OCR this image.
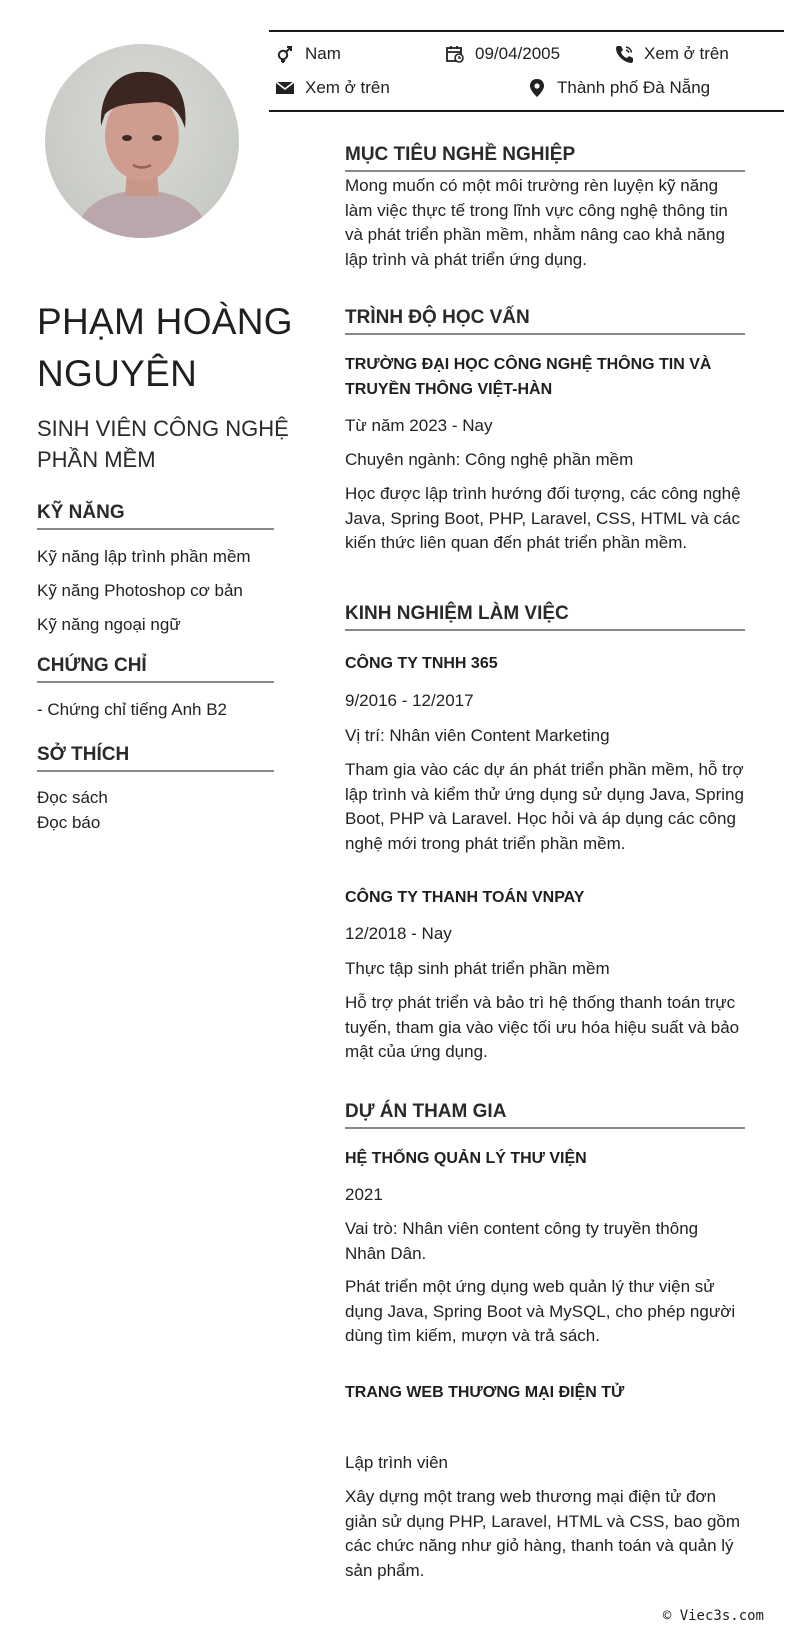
Nam	09/04/2005	Xem ở trên
Xem ở trên	Thành phố Đà Nẵng
PHẠM HOÀNG
NGUYÊN
SINH VIÊN CÔNG NGHỆ
PHẦN MỀM
KỸ NĂNG
Kỹ năng lập trình phần mềm
Kỹ năng Photoshop cơ bản
Kỹ năng ngoại ngữ
CHỨNG CHỈ
- Chứng chỉ tiếng Anh B2
SỞ THÍCH
Đọc sách
Đọc báo
MỤC TIÊU NGHỀ NGHIỆP
Mong muốn có một môi trường rèn luyện kỹ năng
làm việc thực tế trong lĩnh vực công nghệ thông tin
và phát triển phần mềm, nhằm nâng cao khả năng
lập trình và phát triển ứng dụng.
TRÌNH ĐỘ HỌC VẤN
TRƯỜNG ĐẠI HỌC CÔNG NGHỆ THÔNG TIN VÀ
TRUYỀN THÔNG VIỆT-HÀN
Từ năm 2023 - Nay
Chuyên ngành: Công nghệ phần mềm
Học được lập trình hướng đối tượng, các công nghệ
Java, Spring Boot, PHP, Laravel, CSS, HTML và các
kiến thức liên quan đến phát triển phần mềm.
KINH NGHIỆM LÀM VIỆC
CÔNG TY TNHH 365
9/2016 - 12/2017
Vị trí: Nhân viên Content Marketing
Tham gia vào các dự án phát triển phần mềm, hỗ trợ
lập trình và kiểm thử ứng dụng sử dụng Java, Spring
Boot, PHP và Laravel. Học hỏi và áp dụng các công
nghệ mới trong phát triển phần mềm.
CÔNG TY THANH TOÁN VNPAY
12/2018 - Nay
Thực tập sinh phát triển phần mềm
Hỗ trợ phát triển và bảo trì hệ thống thanh toán trực
tuyến, tham gia vào việc tối ưu hóa hiệu suất và bảo
mật của ứng dụng.
DỰ ÁN THAM GIA
HỆ THỐNG QUẢN LÝ THƯ VIỆN
2021
Vai trò: Nhân viên content công ty truyền thông
Nhân Dân.
Phát triển một ứng dụng web quản lý thư viện sử
dụng Java, Spring Boot và MySQL, cho phép người
dùng tìm kiếm, mượn và trả sách.
TRANG WEB THƯƠNG MẠI ĐIỆN TỬ
Lập trình viên
Xây dựng một trang web thương mại điện tử đơn
giản sử dụng PHP, Laravel, HTML và CSS, bao gồm
các chức năng như giỏ hàng, thanh toán và quản lý
sản phẩm.
© Viec3s.com
